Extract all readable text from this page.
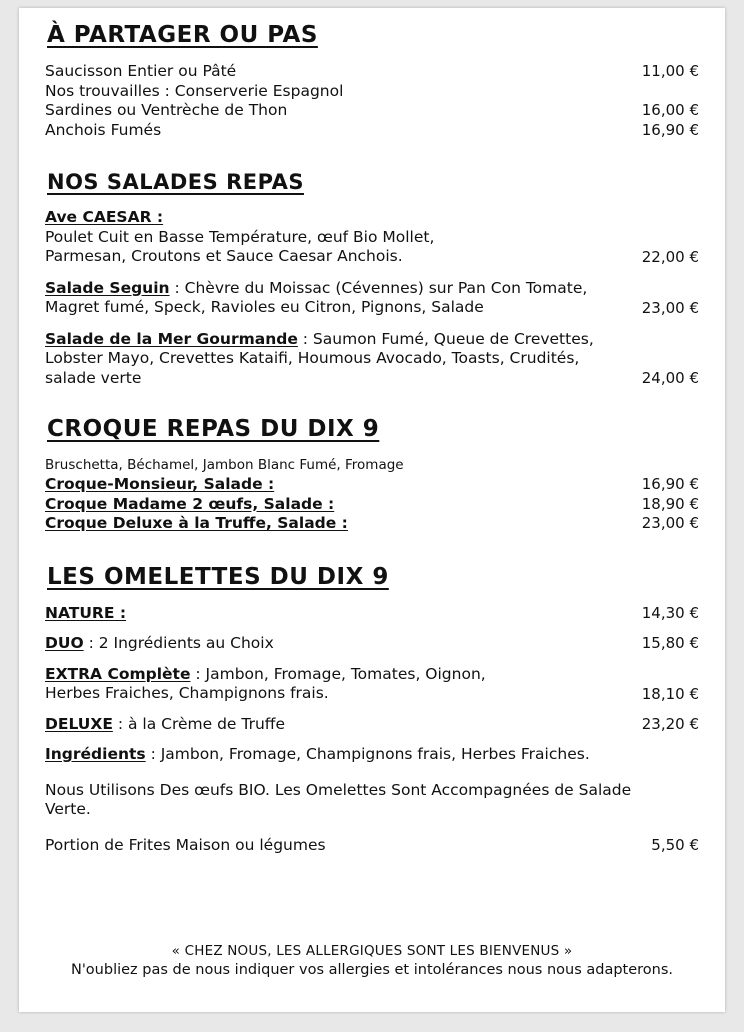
À PARTAGER OU PAS
Saucisson Entier ou Pâté	11,00 €
Nos trouvailles : Conserverie Espagnol
Sardines ou Ventrèche de Thon	16,00 €
Anchois Fumés	16,90 €
NOS SALADES REPAS
Ave CAESAR :
Poulet Cuit en Basse Température, œuf Bio Mollet,
Parmesan, Croutons et Sauce Caesar Anchois.	22,00 €
Salade Seguin : Chèvre du Moissac (Cévennes) sur Pan Con Tomate,
Magret fumé, Speck, Ravioles eu Citron, Pignons, Salade	23,00 €
Salade de la Mer Gourmande : Saumon Fumé, Queue de Crevettes,
Lobster Mayo, Crevettes Kataifi, Houmous Avocado, Toasts, Crudités,
salade verte	24,00 €
CROQUE REPAS DU DIX 9
Bruschetta, Béchamel, Jambon Blanc Fumé, Fromage
Croque-Monsieur, Salade :	16,90 €
Croque Madame 2 œufs, Salade :	18,90 €
Croque Deluxe à la Truffe, Salade :	23,00 €
LES OMELETTES DU DIX 9
NATURE :	14,30 €
DUO : 2 Ingrédients au Choix	15,80 €
EXTRA Complète : Jambon, Fromage, Tomates, Oignon,
Herbes Fraiches, Champignons frais.	18,10 €
DELUXE : à la Crème de Truffe	23,20 €
Ingrédients : Jambon, Fromage, Champignons frais, Herbes Fraiches.
Nous Utilisons Des œufs BIO. Les Omelettes Sont Accompagnées de Salade
Verte.
Portion de Frites Maison ou légumes	5,50 €
« CHEZ NOUS, LES ALLERGIQUES SONT LES BIENVENUS »
N'oubliez pas de nous indiquer vos allergies et intolérances nous nous adapterons.
